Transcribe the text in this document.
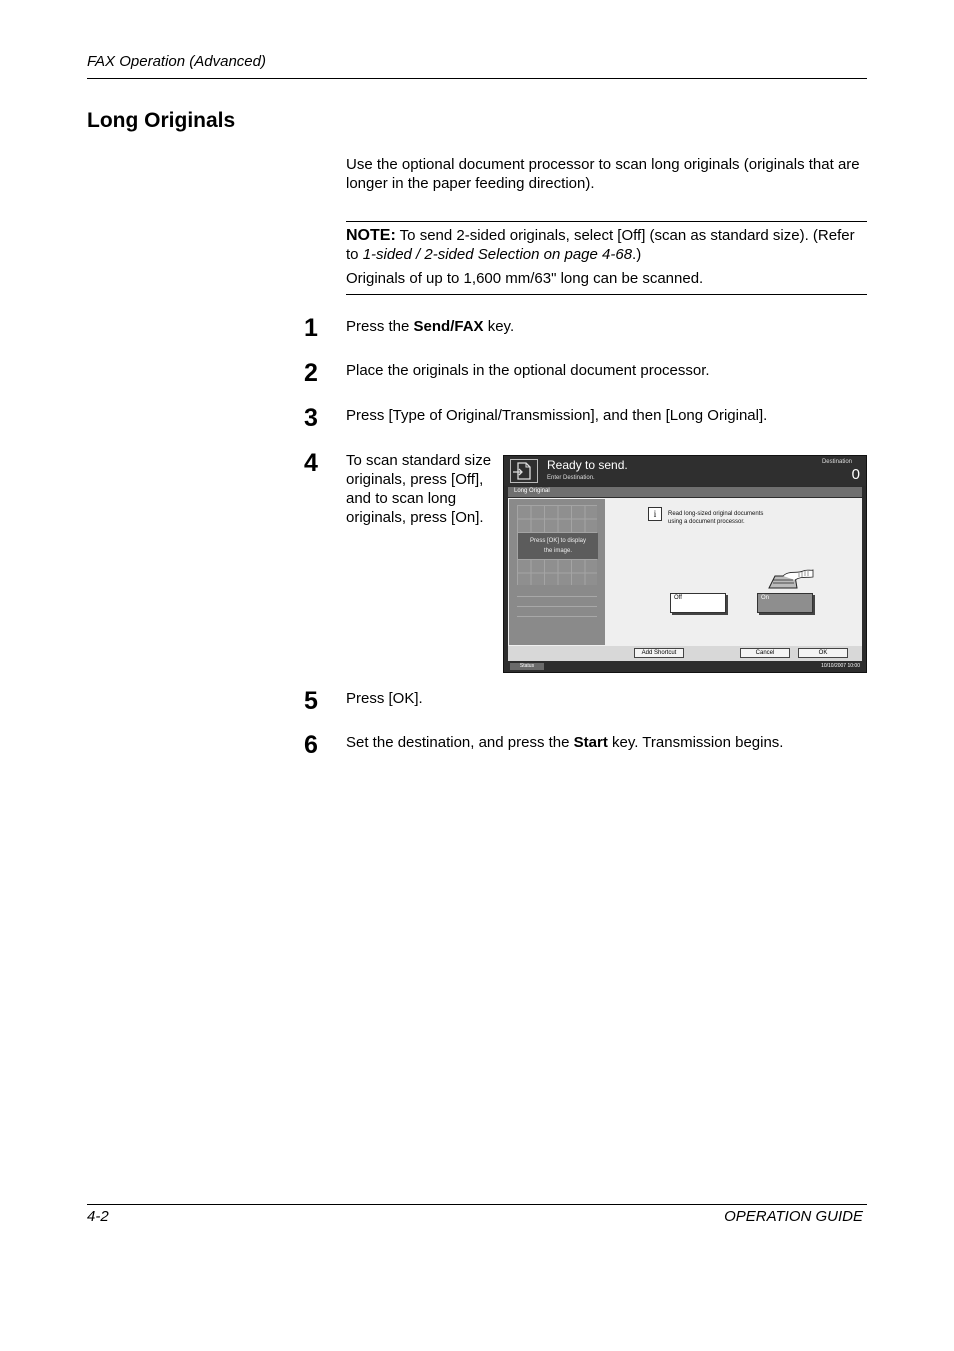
FAX Operation (Advanced)
Long Originals
Use the optional document processor to scan long originals (originals that are longer in the paper feeding direction).
NOTE: To send 2-sided originals, select [Off] (scan as standard size). (Refer to 1-sided / 2-sided Selection on page 4-68.)
Originals of up to 1,600 mm/63" long can be scanned.
1 Press the Send/FAX key.
2 Place the originals in the optional document processor.
3 Press [Type of Original/Transmission], and then [Long Original].
4 To scan standard size originals, press [Off], and to scan long originals, press [On].
Ready to send.
Enter Destination.
Destination
0
Long Original
Press [OK] to display
the image.
i	Read long-sized original documents
using a document processor.
Off	On
Add Shortcut	Cancel	OK
Status	10/10/2007 10:00
5 Press [OK].
6 Set the destination, and press the Start key. Transmission begins.
4-2	OPERATION GUIDE
